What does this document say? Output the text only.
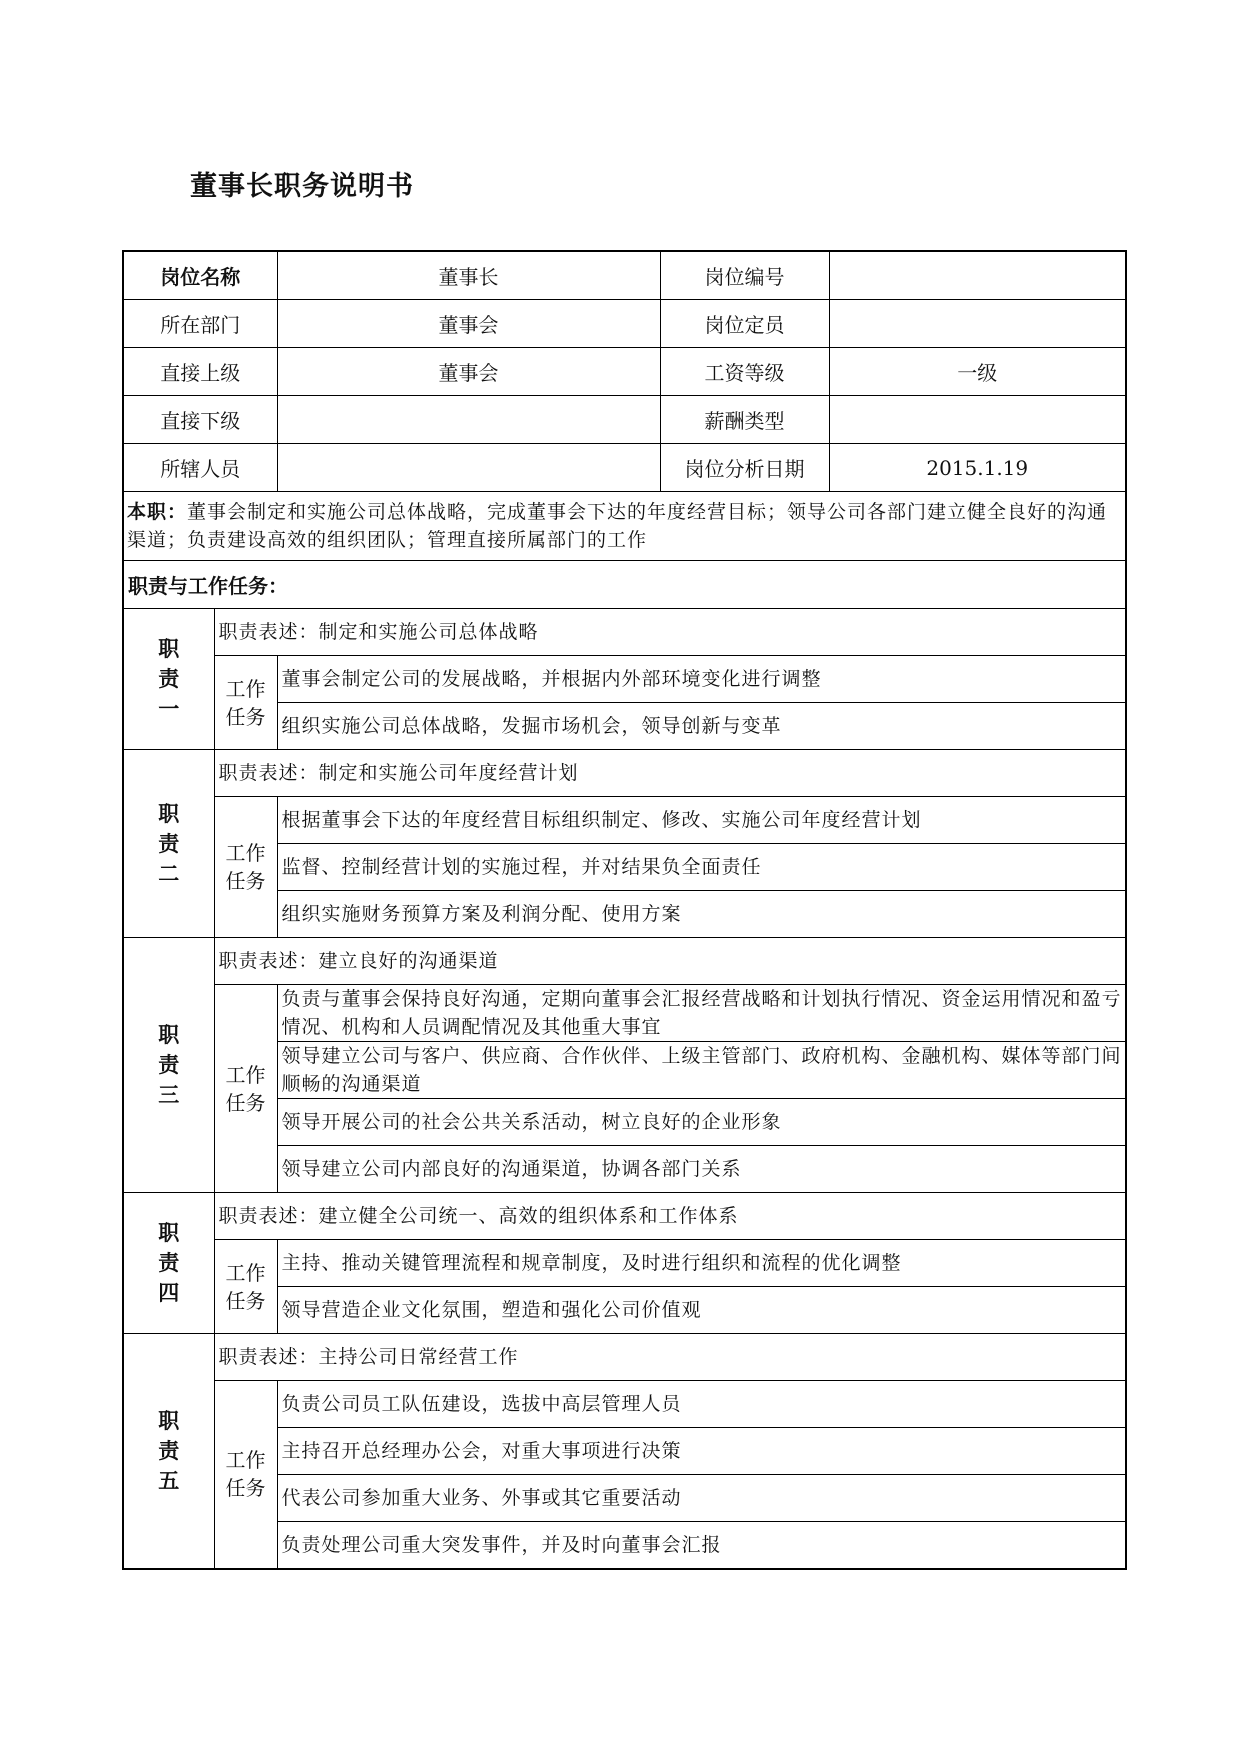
董事长职务说明书
岗位名称		董事长	岗位编号	
所在部门		董事会	岗位定员	
直接上级		董事会	工资等级	一级
直接下级			薪酬类型	
所辖人员			岗位分析日期	2015.1.19
本职：董事会制定和实施公司总体战略，完成董事会下达的年度经营目标；领导公司各部门建立健全良好的沟通渠道；负责建设高效的组织团队；管理直接所属部门的工作				
职责与工作任务：				

职
责
一	职责表述：制定和实施公司总体战略			

	工作
任务	董事会制定公司的发展战略，并根据内外部环境变化进行调整		
		组织实施公司总体战略，发掘市场机会，领导创新与变革		

职
责
二	职责表述：制定和实施公司年度经营计划			

	工作
任务	根据董事会下达的年度经营目标组织制定、修改、实施公司年度经营计划		
		监督、控制经营计划的实施过程，并对结果负全面责任		
		组织实施财务预算方案及利润分配、使用方案		

职
责
三	职责表述：建立良好的沟通渠道			

	工作
任务	负责与董事会保持良好沟通，定期向董事会汇报经营战略和计划执行情况、资金运用情况和盈亏情况、机构和人员调配情况及其他重大事宜		
		领导建立公司与客户、供应商、合作伙伴、上级主管部门、政府机构、金融机构、媒体等部门间顺畅的沟通渠道		
		领导开展公司的社会公共关系活动，树立良好的企业形象		
		领导建立公司内部良好的沟通渠道，协调各部门关系		

职
责
四	职责表述：建立健全公司统一、高效的组织体系和工作体系			

	工作
任务	主持、推动关键管理流程和规章制度，及时进行组织和流程的优化调整		
		领导营造企业文化氛围，塑造和强化公司价值观		

职
责
五	职责表述：主持公司日常经营工作			

	工作
任务	负责公司员工队伍建设，选拔中高层管理人员		
		主持召开总经理办公会，对重大事项进行决策		
		代表公司参加重大业务、外事或其它重要活动		
		负责处理公司重大突发事件，并及时向董事会汇报		
